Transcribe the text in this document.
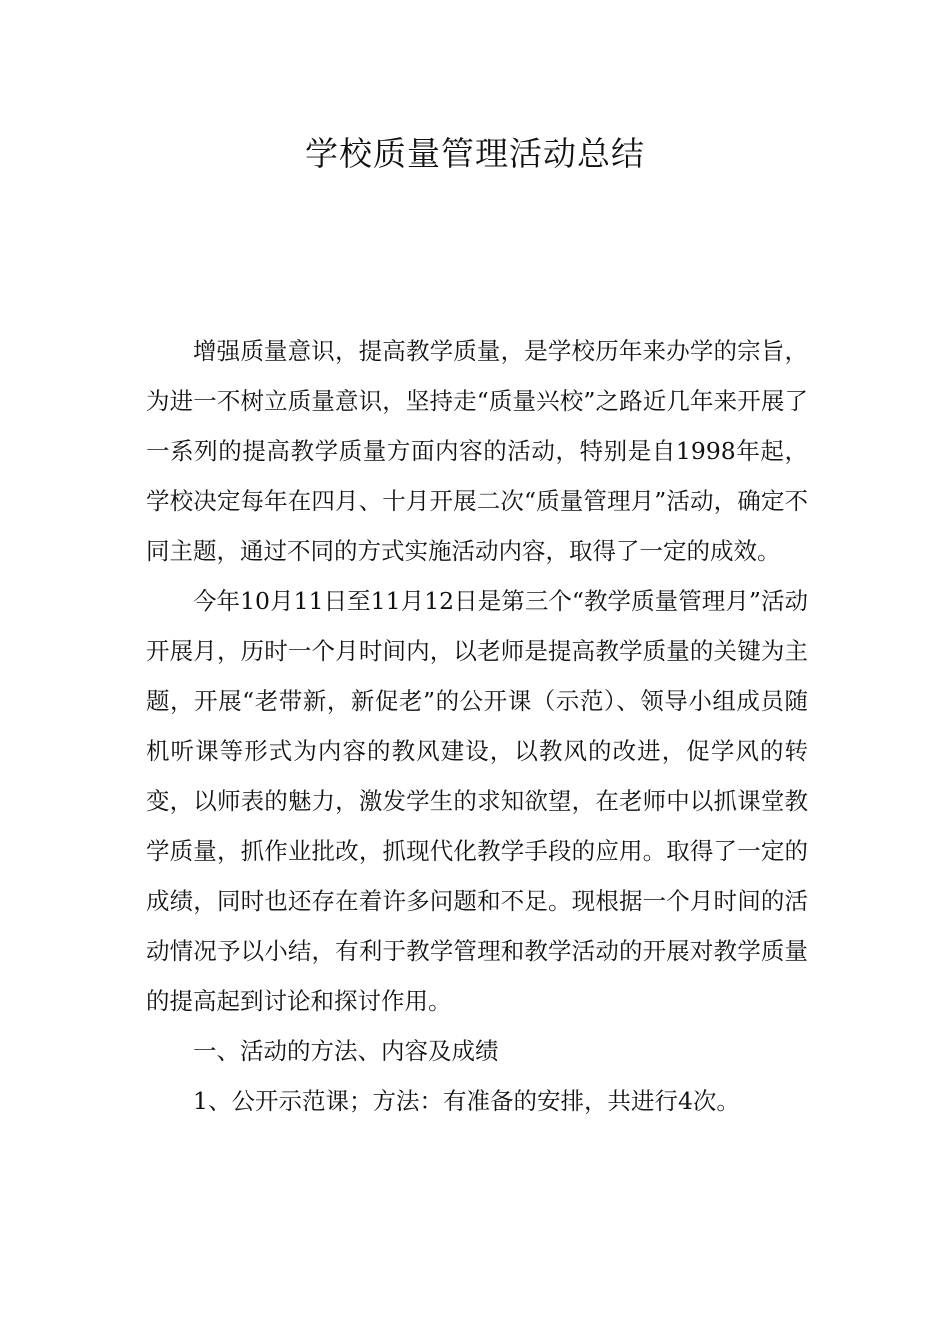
学校质量管理活动总结

增强质量意识，提高教学质量，是学校历年来办学的宗旨，为进一不树立质量意识，坚持走“质量兴校”之路近几年来开展了一系列的提高教学质量方面内容的活动，特别是自1998年起，学校决定每年在四月、十月开展二次“质量管理月”活动，确定不同主题，通过不同的方式实施活动内容，取得了一定的成效。

今年10月11日至11月12日是第三个“教学质量管理月”活动开展月，历时一个月时间内，以老师是提高教学质量的关键为主题，开展“老带新，新促老”的公开课（示范）、领导小组成员随机听课等形式为内容的教风建设，以教风的改进，促学风的转变，以师表的魅力，激发学生的求知欲望，在老师中以抓课堂教学质量，抓作业批改，抓现代化教学手段的应用。取得了一定的成绩，同时也还存在着许多问题和不足。现根据一个月时间的活动情况予以小结，有利于教学管理和教学活动的开展对教学质量的提高起到讨论和探讨作用。

一、活动的方法、内容及成绩

1、公开示范课；方法：有准备的安排，共进行4次。
